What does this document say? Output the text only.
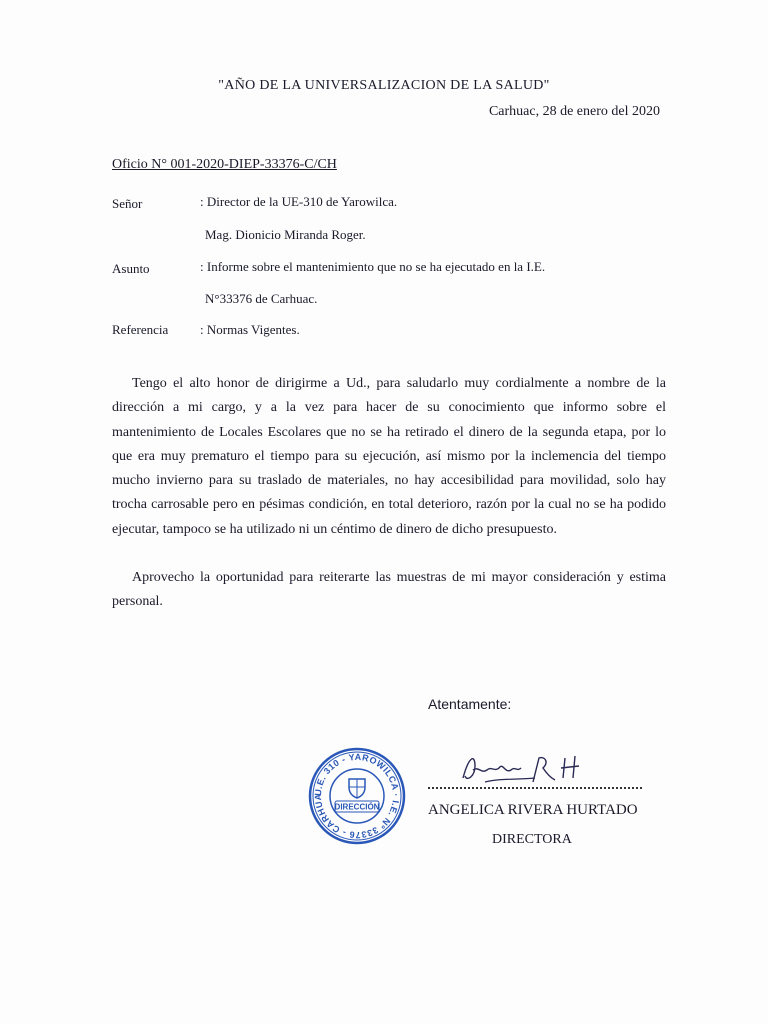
"AÑO DE LA UNIVERSALIZACION DE LA SALUD"
Carhuac, 28 de enero del 2020
Oficio N° 001-2020-DIEP-33376-C/CH
Señor	: Director de la UE-310 de Yarowilca.
Mag. Dionicio Miranda Roger.
Asunto	: Informe sobre el mantenimiento que no se ha ejecutado en la I.E.
N°33376 de Carhuac.
Referencia : Normas Vigentes.
Tengo el alto honor de dirigirme a Ud., para saludarlo muy cordialmente a nombre de la dirección a mi cargo, y a la vez para hacer de su conocimiento que informo sobre el mantenimiento de Locales Escolares que no se ha retirado el dinero de la segunda etapa, por lo que era muy prematuro el tiempo para su ejecución, así mismo por la inclemencia del tiempo mucho invierno para su traslado de materiales, no hay accesibilidad para movilidad, solo hay trocha carrosable pero en pésimas condición, en total deterioro, razón por la cual no se ha podido ejecutar, tampoco se ha utilizado ni un céntimo de dinero de dicho presupuesto.
Aprovecho la oportunidad para reiterarte las muestras de mi mayor consideración y estima personal.
Atentamente:
U.E. 310 - YAROWILCA · I.E. Nº 33376 - CARHUA
DIRECCIÓN	ANGELICA RIVERA HURTADO
DIRECTORA
